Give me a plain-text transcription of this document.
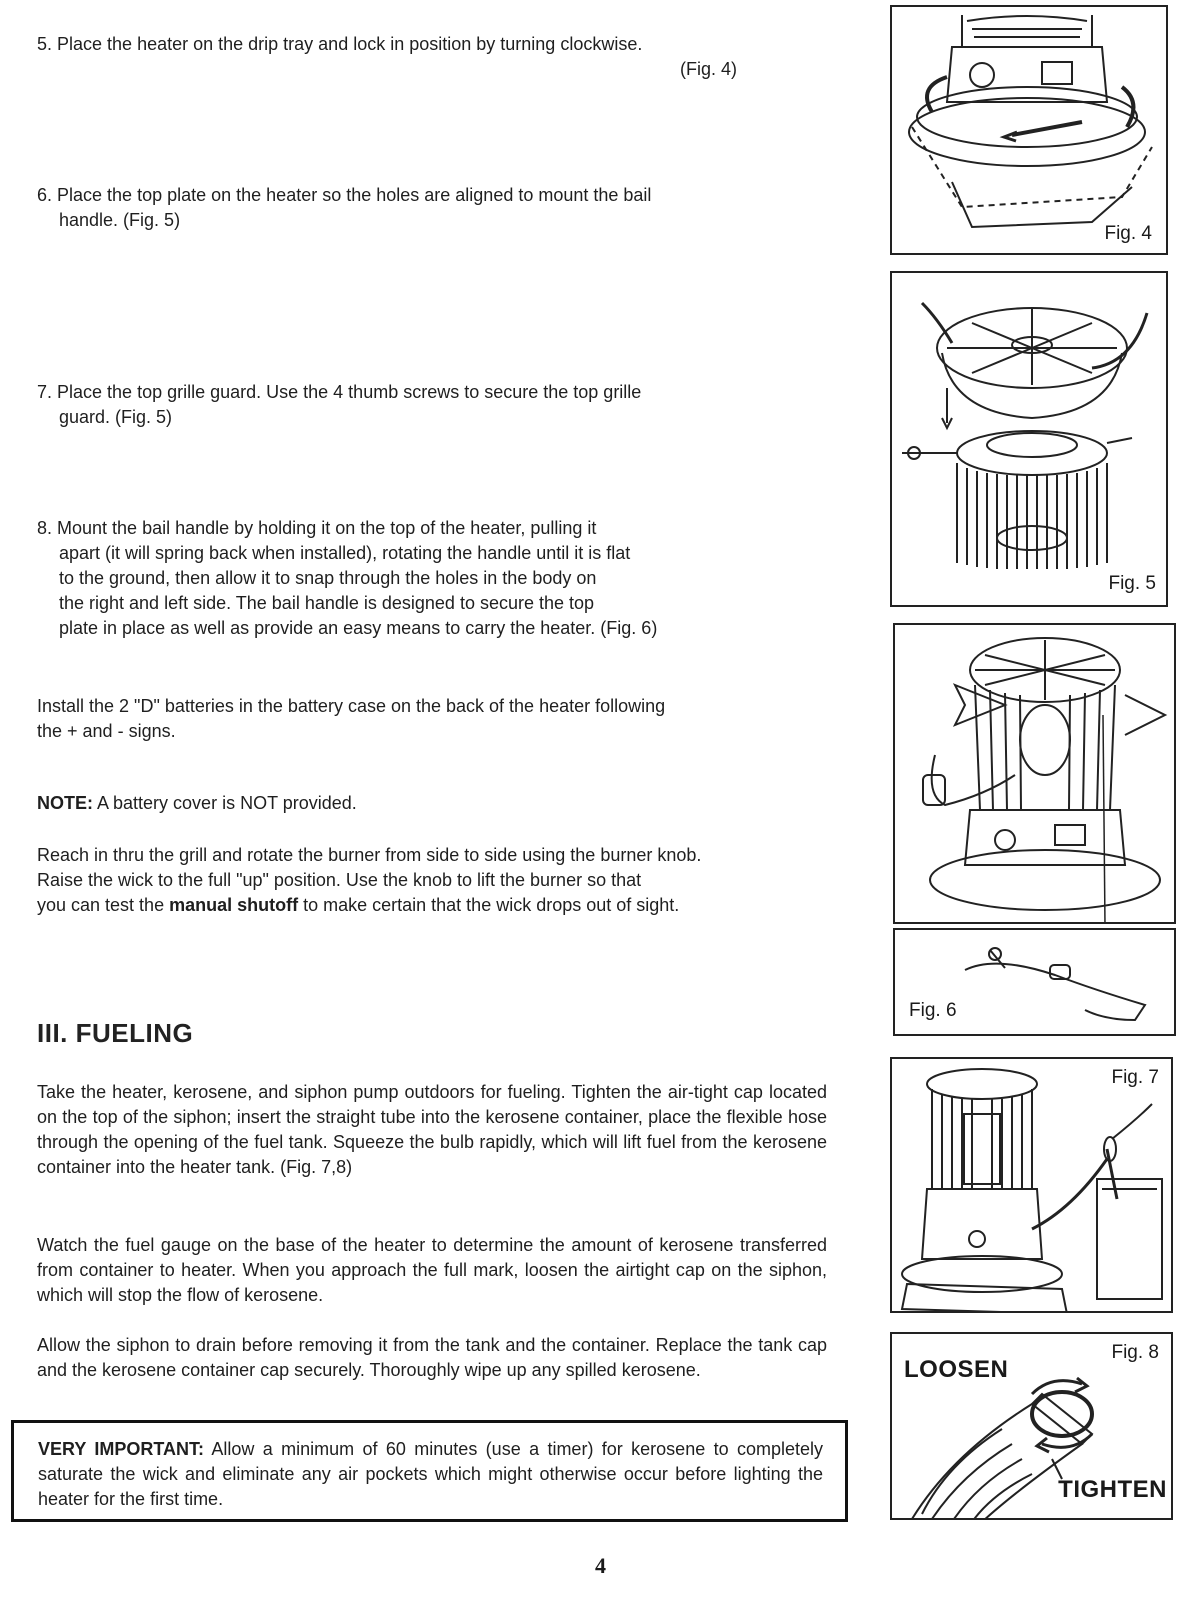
5. Place the heater on the drip tray and lock in position by turning clockwise.
(Fig. 4)
6. Place the top plate on the heater so the holes are aligned to mount the bail
handle. (Fig. 5)
7. Place the top grille guard. Use the 4 thumb screws to secure the top grille
guard. (Fig. 5)
8. Mount the bail handle by holding it on the top of the heater, pulling it
apart (it will spring back when installed), rotating the handle until it is flat
to the ground, then allow it to snap through the holes in the body on
the right and left side. The bail handle is designed to secure the top
plate in place as well as provide an easy means to carry the heater. (Fig. 6)
Install the 2 "D" batteries in the battery case on the back of the heater following
the + and - signs.
NOTE: A battery cover is NOT provided.
Reach in thru the grill and rotate the burner from side to side using the burner knob.
Raise the wick to the full "up" position. Use the knob to lift the burner so that
you can test the manual shutoff to make certain that the wick drops out of sight.
III. FUELING
Take the heater, kerosene, and siphon pump outdoors for fueling. Tighten the air-tight cap located on the top of the siphon; insert the straight tube into the kerosene container, place the flexible hose through the opening of the fuel tank. Squeeze the bulb rapidly, which will lift fuel from the kerosene container into the heater tank. (Fig. 7,8)
Watch the fuel gauge on the base of the heater to determine the amount of kerosene transferred from container to heater. When you approach the full mark, loosen the airtight cap on the siphon, which will stop the flow of kerosene.
Allow the siphon to drain before removing it from the tank and the container. Replace the tank cap and the kerosene container cap securely. Thoroughly wipe up any spilled kerosene.
VERY IMPORTANT: Allow a minimum of 60 minutes (use a timer) for kerosene to completely saturate the wick and eliminate any air pockets which might otherwise occur before lighting the heater for the first time.
4
Fig. 4
Fig. 5
Fig. 6
Fig. 7
Fig. 8
LOOSEN
TIGHTEN
